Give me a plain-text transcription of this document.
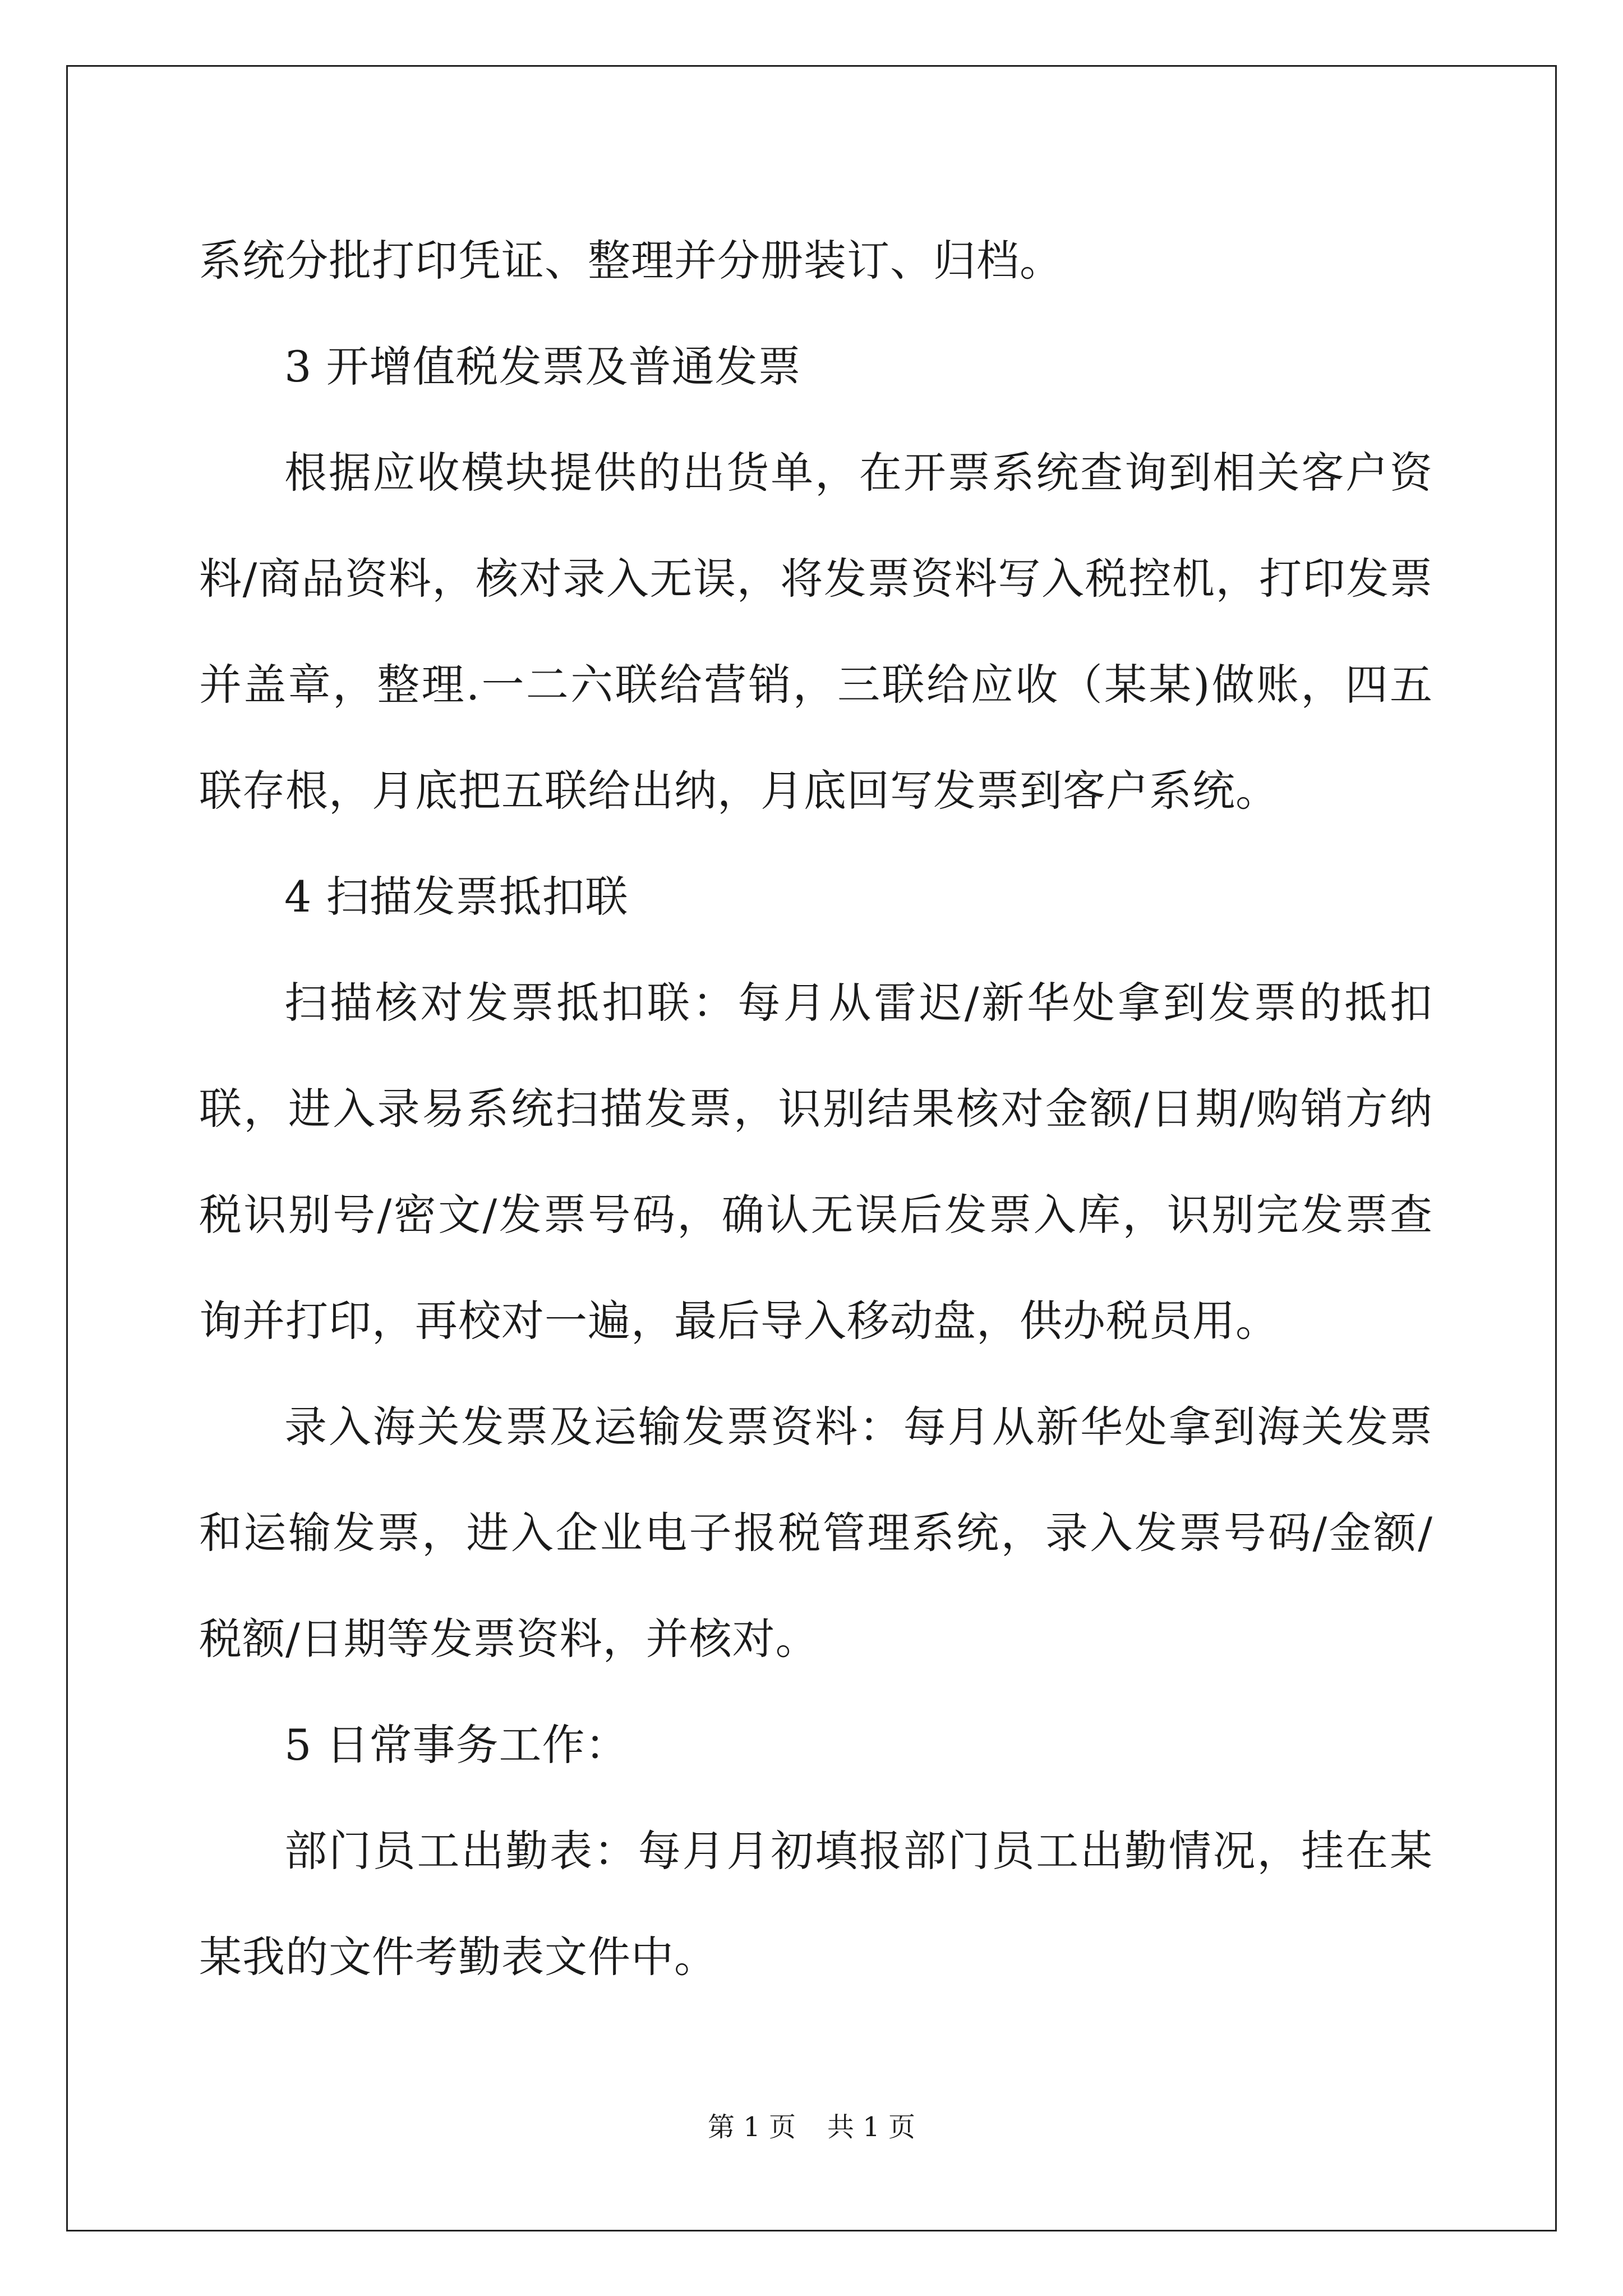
系统分批打印凭证、整理并分册装订、归档。

3 开增值税发票及普通发票

根据应收模块提供的出货单，在开票系统查询到相关客户资料/商品资料，核对录入无误，将发票资料写入税控机，打印发票并盖章，整理.一二六联给营销，三联给应收（某某)做账，四五联存根，月底把五联给出纳，月底回写发票到客户系统。

4 扫描发票抵扣联

扫描核对发票抵扣联：每月从雷迟/新华处拿到发票的抵扣联，进入录易系统扫描发票，识别结果核对金额/日期/购销方纳税识别号/密文/发票号码，确认无误后发票入库，识别完发票查询并打印，再校对一遍，最后导入移动盘，供办税员用。

录入海关发票及运输发票资料：每月从新华处拿到海关发票和运输发票，进入企业电子报税管理系统，录入发票号码/金额/税额/日期等发票资料，并核对。

5 日常事务工作：

部门员工出勤表：每月月初填报部门员工出勤情况，挂在某某我的文件考勤表文件中。

第 1 页 共 1 页
